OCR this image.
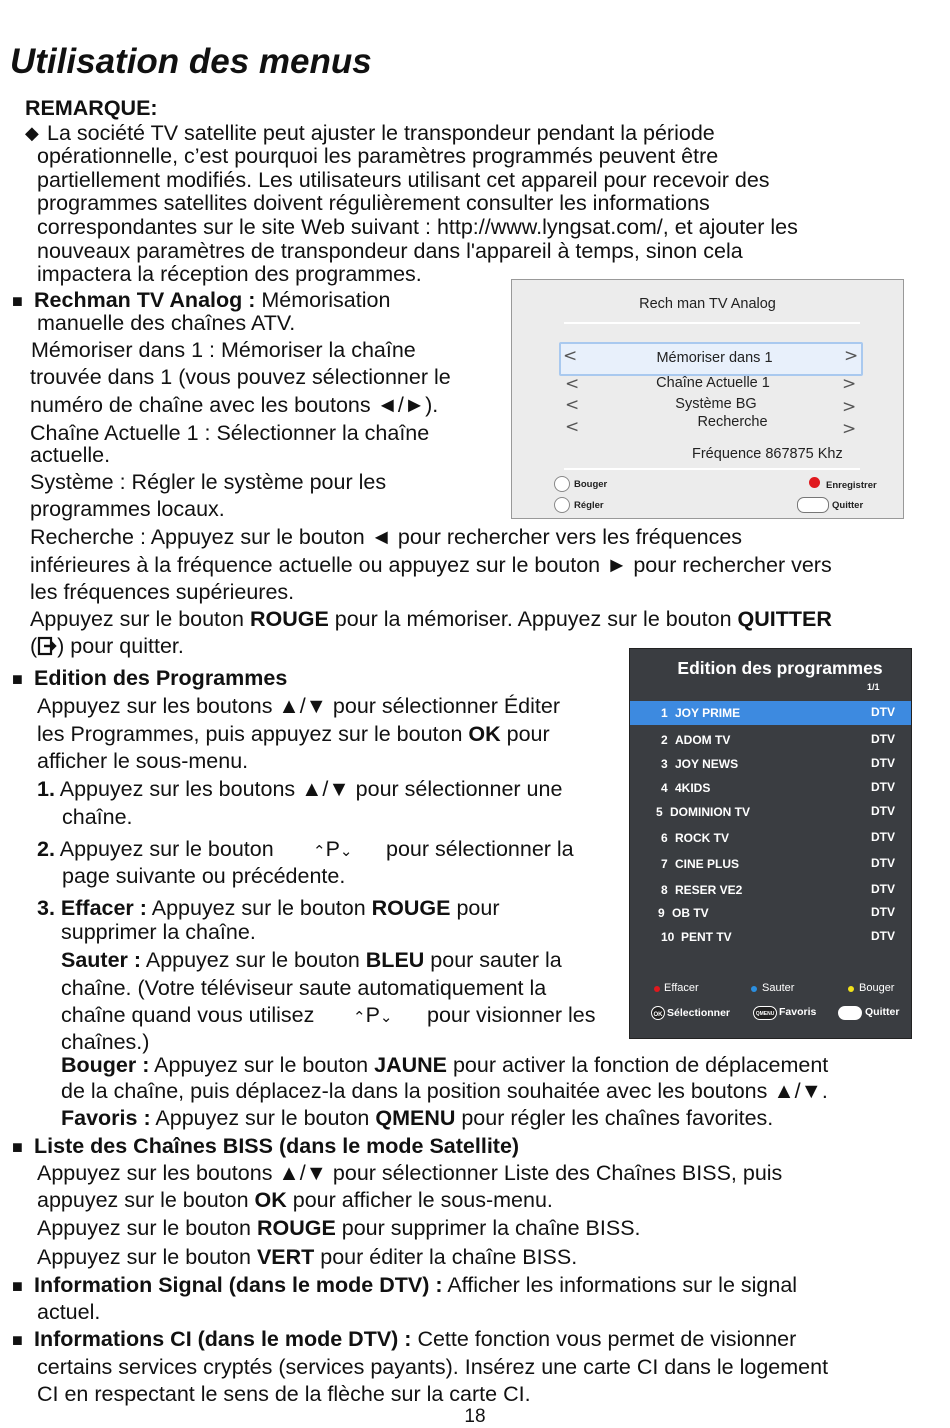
Utilisation des menus
REMARQUE:
◆ La société TV satellite peut ajuster le transpondeur pendant la période
opérationnelle, c’est pourquoi les paramètres programmés peuvent être
partiellement modifiés. Les utilisateurs utilisant cet appareil pour recevoir des
programmes satellites doivent régulièrement consulter les informations
correspondantes sur le site Web suivant : http://www.lyngsat.com/, et ajouter les
nouveaux paramètres de transpondeur dans l'appareil à temps, sinon cela
impactera la réception des programmes.
■ Rechman TV Analog : Mémorisation
manuelle des chaînes ATV.
Mémoriser dans 1 : Mémoriser la chaîne
trouvée dans 1 (vous pouvez sélectionner le
numéro de chaîne avec les boutons ◄/►).
Chaîne Actuelle 1 : Sélectionner la chaîne
actuelle.
Système : Régler le système pour les
programmes locaux.
Recherche : Appuyez sur le bouton ◄ pour rechercher vers les fréquences
inférieures à la fréquence actuelle ou appuyez sur le bouton ► pour rechercher vers
les fréquences supérieures.
Appuyez sur le bouton ROUGE pour la mémoriser. Appuyez sur le bouton QUITTER
( ) pour quitter.
Rech man TV Analog
<	>
Mémoriser dans 1
<	>
Chaîne Actuelle 1
<	>
Système BG
<	>
Recherche
Fréquence 867875 Khz
Bouger
Régler
Enregistrer
Quitter
■ Edition des Programmes
Appuyez sur les boutons ▲/▼ pour sélectionner Éditer
les Programmes, puis appuyez sur le bouton OK pour
afficher le sous-menu.
1. Appuyez sur les boutons ▲/▼ pour sélectionner une
chaîne.
2. Appuyez sur le bouton	⌃P⌄ pour sélectionner la
page suivante ou précédente.
3. Effacer : Appuyez sur le bouton ROUGE pour
supprimer la chaîne.
Sauter : Appuyez sur le bouton BLEU pour sauter la
chaîne. (Votre téléviseur saute automatiquement la
chaîne quand vous utilisez	⌃P⌄ pour visionner les
chaînes.)
Bouger : Appuyez sur le bouton JAUNE pour activer la fonction de déplacement
de la chaîne, puis déplacez-la dans la position souhaitée avec les boutons ▲/▼.
Favoris : Appuyez sur le bouton QMENU pour régler les chaînes favorites.
Edition des programmes
1/1
1 JOY PRIME	DTV
2 ADOM TV	DTV
3 JOY NEWS	DTV
4 4KIDS	DTV
5 DOMINION TV	DTV
6 ROCK TV	DTV
7 CINE PLUS	DTV
8 RESER VE2	DTV
9 OB TV	DTV
10 PENT TV	DTV
Effacer	Sauter	Bouger
$^{OK}$ Sélectionner	$^{QMENU}$ Favoris	Quitter
■ Liste des Chaînes BISS (dans le mode Satellite)
Appuyez sur les boutons ▲/▼ pour sélectionner Liste des Chaînes BISS, puis
appuyez sur le bouton OK pour afficher le sous-menu.
Appuyez sur le bouton ROUGE pour supprimer la chaîne BISS.
Appuyez sur le bouton VERT pour éditer la chaîne BISS.
■ Information Signal (dans le mode DTV) : Afficher les informations sur le signal
actuel.
■ Informations CI (dans le mode DTV) : Cette fonction vous permet de visionner
certains services cryptés (services payants). Insérez une carte CI dans le logement
CI en respectant le sens de la flèche sur la carte CI.
18
